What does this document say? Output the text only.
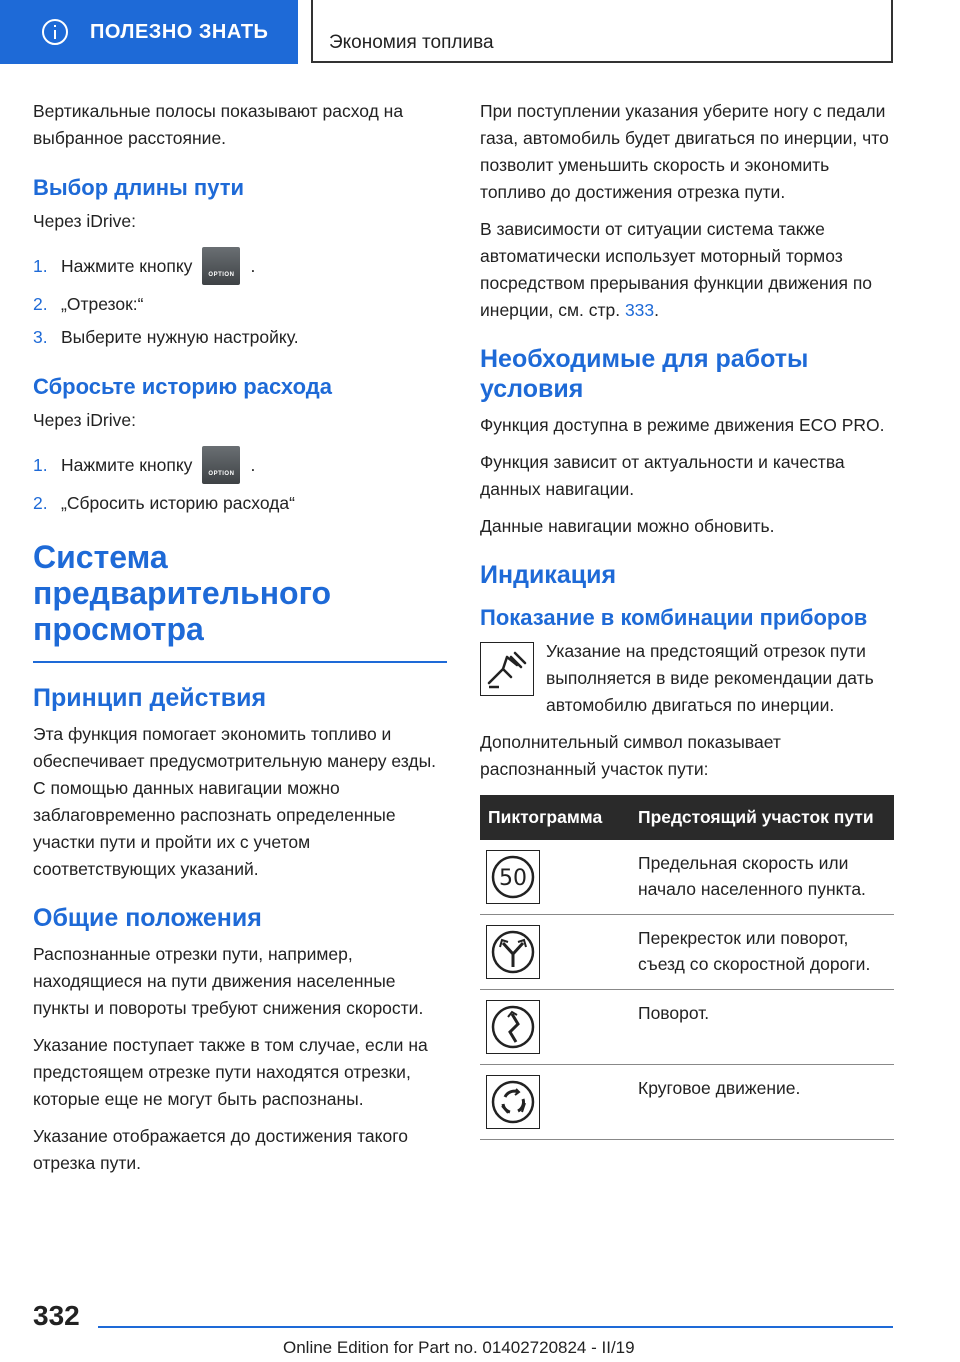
ПОЛЕЗНО ЗНАТЬ	Экономия топлива

Вертикальные полосы показывают расход на выбранное расстояние.

Выбор длины пути

Через iDrive:

1. Нажмите кнопку	OPTION .
2. „Отрезок:“
3. Выберите нужную настройку.
Сбросьте историю расхода

Через iDrive:

1. Нажмите кнопку	OPTION .
2. „Сбросить историю расхода“
Система предварительного просмотра
Принцип действия

Эта функция помогает экономить топливо и обеспечивает предусмотрительную манеру езды. С помощью данных навигации можно заблаговременно распознать определенные участки пути и пройти их с учетом соответствующих указаний.

Общие положения

Распознанные отрезки пути, например, находящиеся на пути движения населенные пункты и повороты требуют снижения скорости.

Указание поступает также в том случае, если на предстоящем отрезке пути находятся отрезки, которые еще не могут быть распознаны.

Указание отображается до достижения такого отрезка пути.

При поступлении указания уберите ногу с педали газа, автомобиль будет двигаться по инерции, что позволит уменьшить скорость и экономить топливо до достижения отрезка пути.

В зависимости от ситуации система также автоматически использует моторный тормоз посредством прерывания функции движения по инерции, см. стр. 333.

Необходимые для работы условия

Функция доступна в режиме движения ECO PRO.

Функция зависит от актуальности и качества данных навигации.

Данные навигации можно обновить.

Индикация
Показание в комбинации приборов

Указание на предстоящий отрезок пути выполняется в виде рекомендации дать автомобилю двигаться по инерции.

Дополнительный символ показывает распознанный участок пути:

Пиктограмма	Предстоящий участок пути

50	Предельная скорость или начало населенного пункта.

	Перекресток или поворот, съезд со скоростной дороги.

	Поворот.

	Круговое движение.
332
Online Edition for Part no. 01402720824 - II/19
